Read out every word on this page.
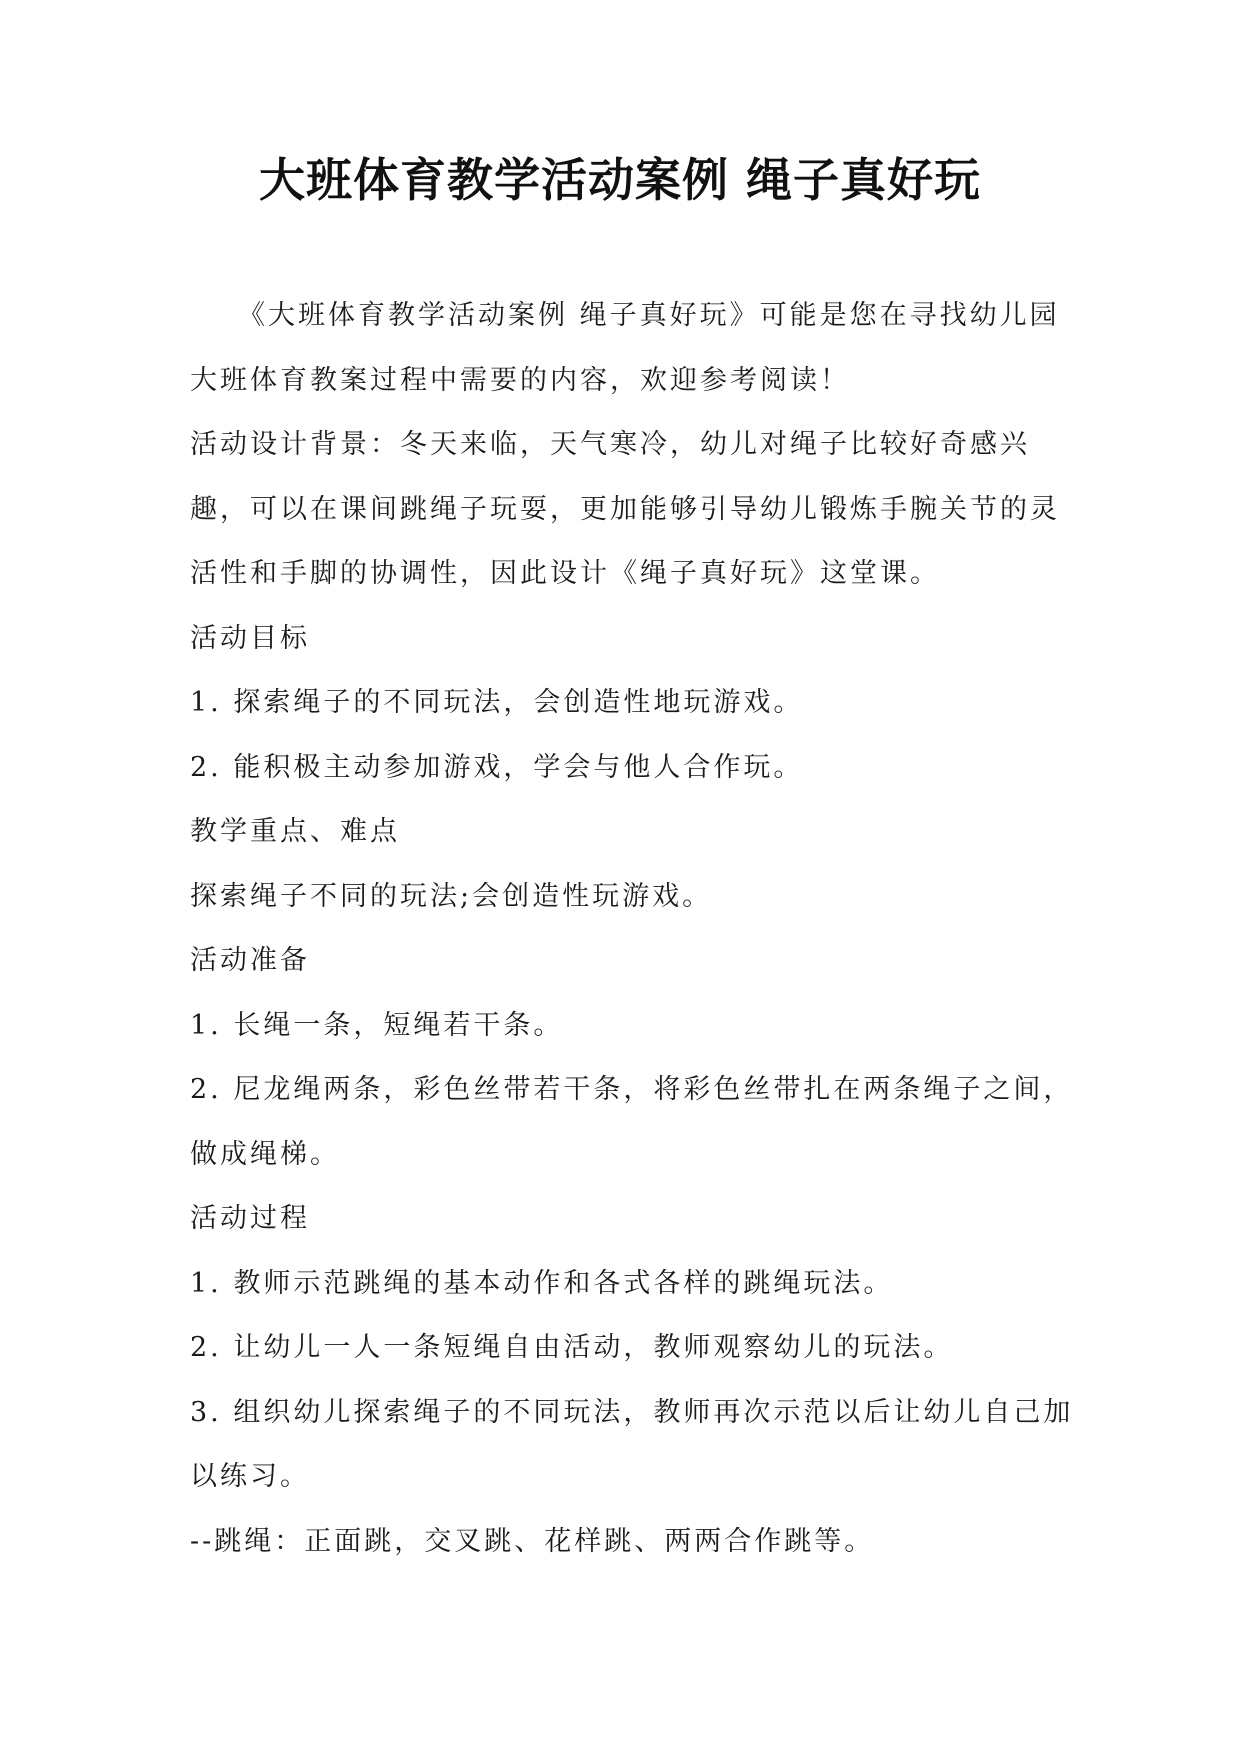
大班体育教学活动案例 绳子真好玩
《大班体育教学活动案例 绳子真好玩》可能是您在寻找幼儿园
大班体育教案过程中需要的内容，欢迎参考阅读！
活动设计背景：冬天来临，天气寒冷，幼儿对绳子比较好奇感兴
趣，可以在课间跳绳子玩耍，更加能够引导幼儿锻炼手腕关节的灵
活性和手脚的协调性，因此设计《绳子真好玩》这堂课。
活动目标
1. 探索绳子的不同玩法，会创造性地玩游戏。
2. 能积极主动参加游戏，学会与他人合作玩。
教学重点、难点
探索绳子不同的玩法;会创造性玩游戏。
活动准备
1. 长绳一条，短绳若干条。
2. 尼龙绳两条，彩色丝带若干条，将彩色丝带扎在两条绳子之间，
做成绳梯。
活动过程
1. 教师示范跳绳的基本动作和各式各样的跳绳玩法。
2. 让幼儿一人一条短绳自由活动，教师观察幼儿的玩法。
3. 组织幼儿探索绳子的不同玩法，教师再次示范以后让幼儿自己加
以练习。
--跳绳：正面跳，交叉跳、花样跳、两两合作跳等。
